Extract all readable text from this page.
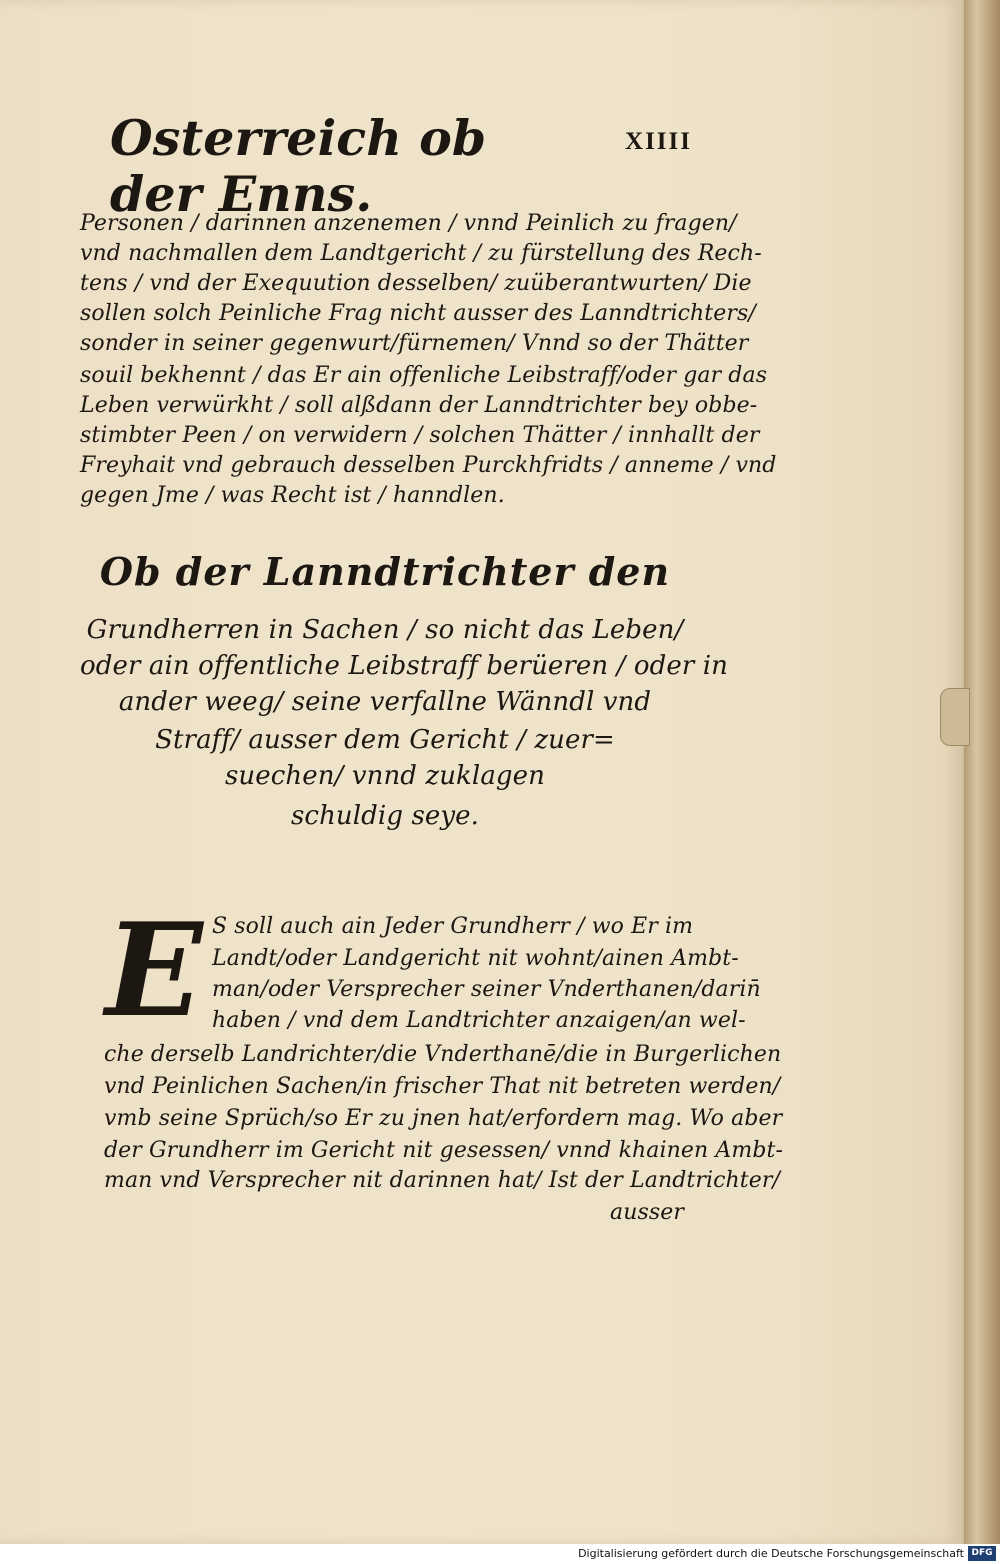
Osterreich ob der Enns.
XIIII
Personen / darinnen anzenemen / vnnd Peinlich zu fragen/
vnd nachmallen dem Landtgericht / zu fürstellung des Rech-
tens / vnd der Exequution desselben/ zuüberantwurten/ Die
sollen solch Peinliche Frag nicht ausser des Lanndtrichters/
sonder in seiner gegenwurt/fürnemen/ Vnnd so der Thätter
souil bekhennt / das Er ain offenliche Leibstraff/oder gar das
Leben verwürkht / soll alßdann der Lanndtrichter bey obbe-
stimbter Peen / on verwidern / solchen Thätter / innhallt der
Freyhait vnd gebrauch desselben Purckhfridts / anneme / vnd
gegen Jme / was Recht ist / hanndlen.
Ob der Lanndtrichter den
Grundherren in Sachen / so nicht das Leben/
oder ain offentliche Leibstraff berüeren / oder in
ander weeg/ seine verfallne Wänndl vnd
Straff/ ausser dem Gericht / zuer=
suechen/ vnnd zuklagen
schuldig seye.
E S soll auch ain Jeder Grundherr / wo Er im
Landt/oder Landgericht nit wohnt/ainen Ambt-
man/oder Versprecher seiner Vnderthanen/darin̄
haben / vnd dem Landtrichter anzaigen/an wel-
che derselb Landrichter/die Vnderthanē/die in Burgerlichen
vnd Peinlichen Sachen/in frischer That nit betreten werden/
vmb seine Sprüch/so Er zu jnen hat/erfordern mag. Wo aber
der Grundherr im Gericht nit gesessen/ vnnd khainen Ambt-
man vnd Versprecher nit darinnen hat/ Ist der Landtrichter/
ausser
Digitalisierung gefördert durch die Deutsche Forschungsgemeinschaft DFG
